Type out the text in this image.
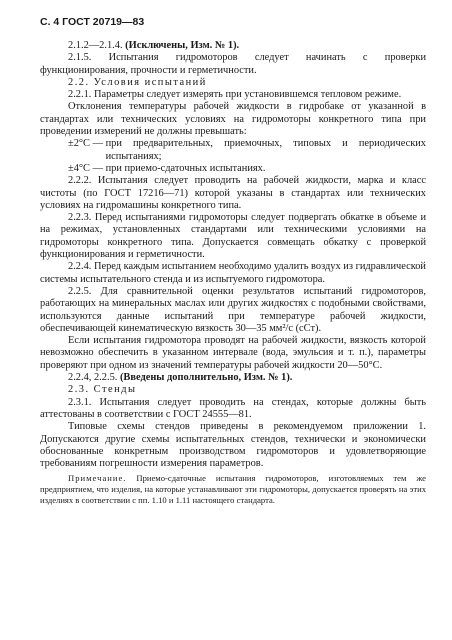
С. 4 ГОСТ 20719—83

2.1.2—2.1.4. (Исключены, Изм. № 1).

2.1.5. Испытания гидромоторов следует начинать с проверки функционирования, прочности и герметичности.

2.2. Условия испытаний

2.2.1. Параметры следует измерять при установившемся тепловом режиме.

Отклонения температуры рабочей жидкости в гидробаке от указанной в стандартах или технических условиях на гидромоторы конкретного типа при проведении измерений не должны превышать:

±2°C — при предварительных, приемочных, типовых и периодических испытаниях;
±4°C — при приемо-сдаточных испытаниях.

2.2.2. Испытания следует проводить на рабочей жидкости, марка и класс чистоты (по ГОСТ 17216—71) которой указаны в стандартах или технических условиях на гидромашины конкретного типа.

2.2.3. Перед испытаниями гидромоторы следует подвергать обкатке в объеме и на режимах, установленных стандартами или техническими условиями на гидромоторы конкретного типа. Допускается совмещать обкатку с проверкой функционирования и герметичности.

2.2.4. Перед каждым испытанием необходимо удалить воздух из гидравлической системы испытательного стенда и из испытуемого гидромотора.

2.2.5. Для сравнительной оценки результатов испытаний гидромоторов, работающих на минеральных маслах или других жидкостях с подобными свойствами, используются данные испытаний при температуре рабочей жидкости, обеспечивающей кинематическую вязкость 30—35 мм²/с (сСт).

Если испытания гидромотора проводят на рабочей жидкости, вязкость которой невозможно обеспечить в указанном интервале (вода, эмульсия и т. п.), параметры проверяют при одном из значений температуры рабочей жидкости 20—50°С.

2.2.4, 2.2.5. (Введены дополнительно, Изм. № 1).

2.3. Стенды

2.3.1. Испытания следует проводить на стендах, которые должны быть аттестованы в соответствии с ГОСТ 24555—81.

Типовые схемы стендов приведены в рекомендуемом приложении 1. Допускаются другие схемы испытательных стендов, технически и экономически обоснованные конкретным производством гидромоторов и удовлетворяющие требованиям погрешности измерения параметров.

Примечание. Приемо-сдаточные испытания гидромоторов, изготовляемых тем же предприятием, что изделия, на которые устанавливают эти гидромоторы, допускается проверять на этих изделиях в соответствии с пп. 1.10 и 1.11 настоящего стандарта.
